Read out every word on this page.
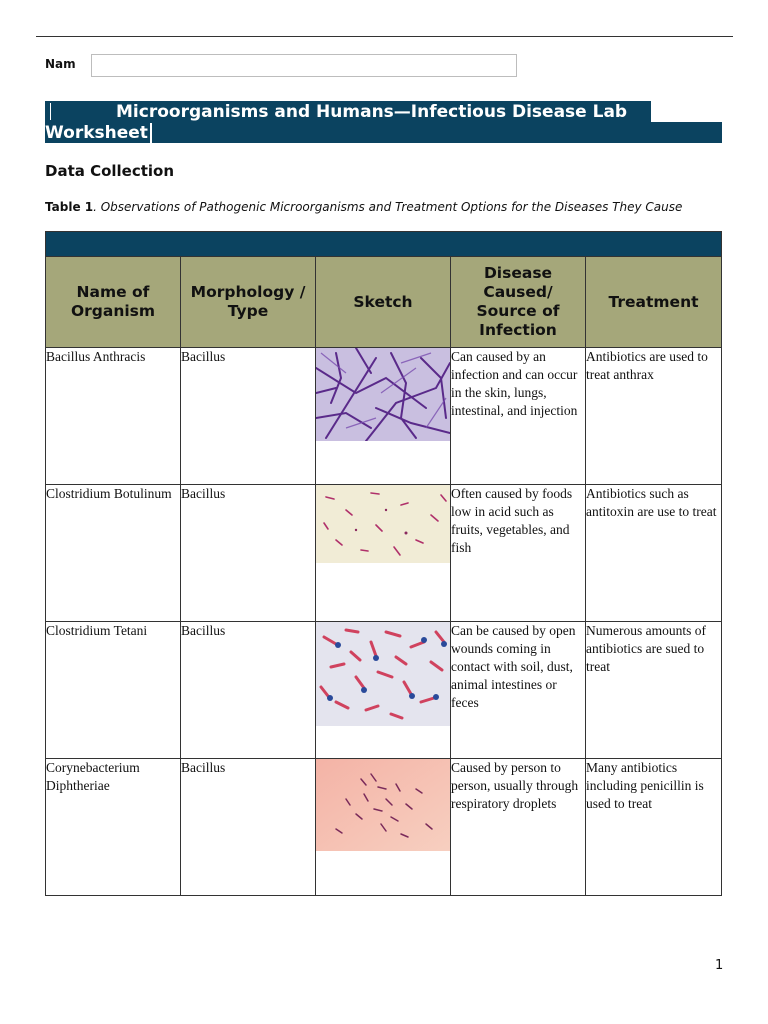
Nam
Microorganisms and Humans—Infectious Disease Lab
Worksheet
Data Collection
Table 1. Observations of Pathogenic Microorganisms and Treatment Options for the Diseases They Cause

Name of Organism	Morphology / Type	Sketch	Disease Caused/ Source of Infection	Treatment
Bacillus Anthracis	Bacillus		Can caused by an infection and can occur in the skin, lungs, intestinal, and injection	Antibiotics are used to treat anthrax
Clostridium Botulinum	Bacillus		Often caused by foods low in acid such as fruits, vegetables, and fish	Antibiotics such as antitoxin are use to treat
Clostridium Tetani	Bacillus		Can be caused by open wounds coming in contact with soil, dust, animal intestines or feces	Numerous amounts of antibiotics are sued to treat
Corynebacterium Diphtheriae	Bacillus		Caused by person to person, usually through respiratory droplets	Many antibiotics including penicillin is used to treat
1
